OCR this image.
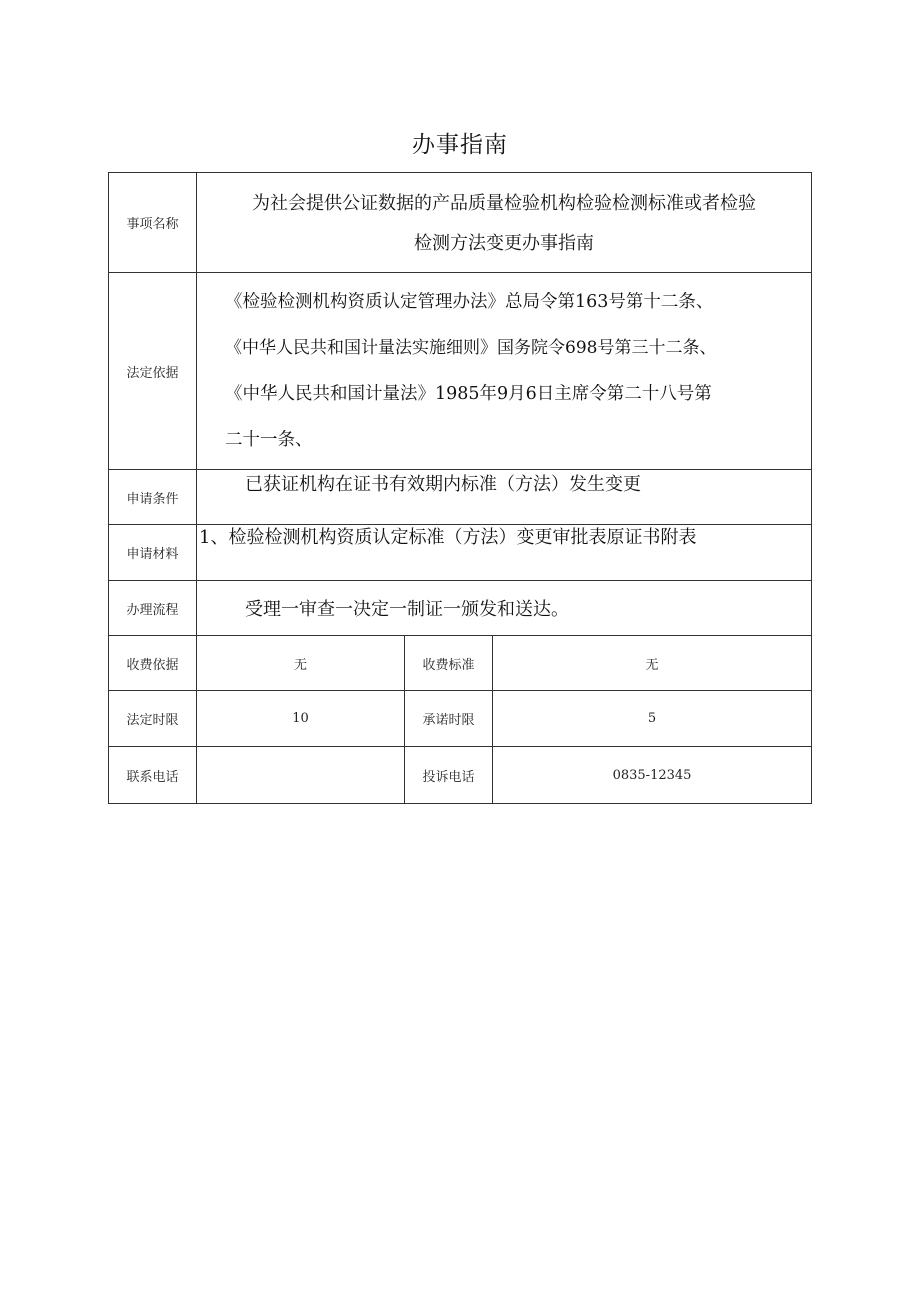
办事指南
事项名称	为社会提供公证数据的产品质量检验机构检验检测标准或者检验
检测方法变更办事指南		

法定依据	《检验检测机构资质认定管理办法》总局令第163号第十二条、
《中华人民共和国计量法实施细则》国务院令698号第三十二条、
《中华人民共和国计量法》1985年9月6日主席令第二十八号第
二十一条、		

申请条件	已获证机构在证书有效期内标准（方法）发生变更		
申请材料	1、检验检测机构资质认定标准（方法）变更审批表原证书附表		
办理流程	受理一审查一决定一制证一颁发和送达。		
收费依据	无	收费标准	无
法定时限	10	承诺时限	5
联系电话		投诉电话	0835-12345
